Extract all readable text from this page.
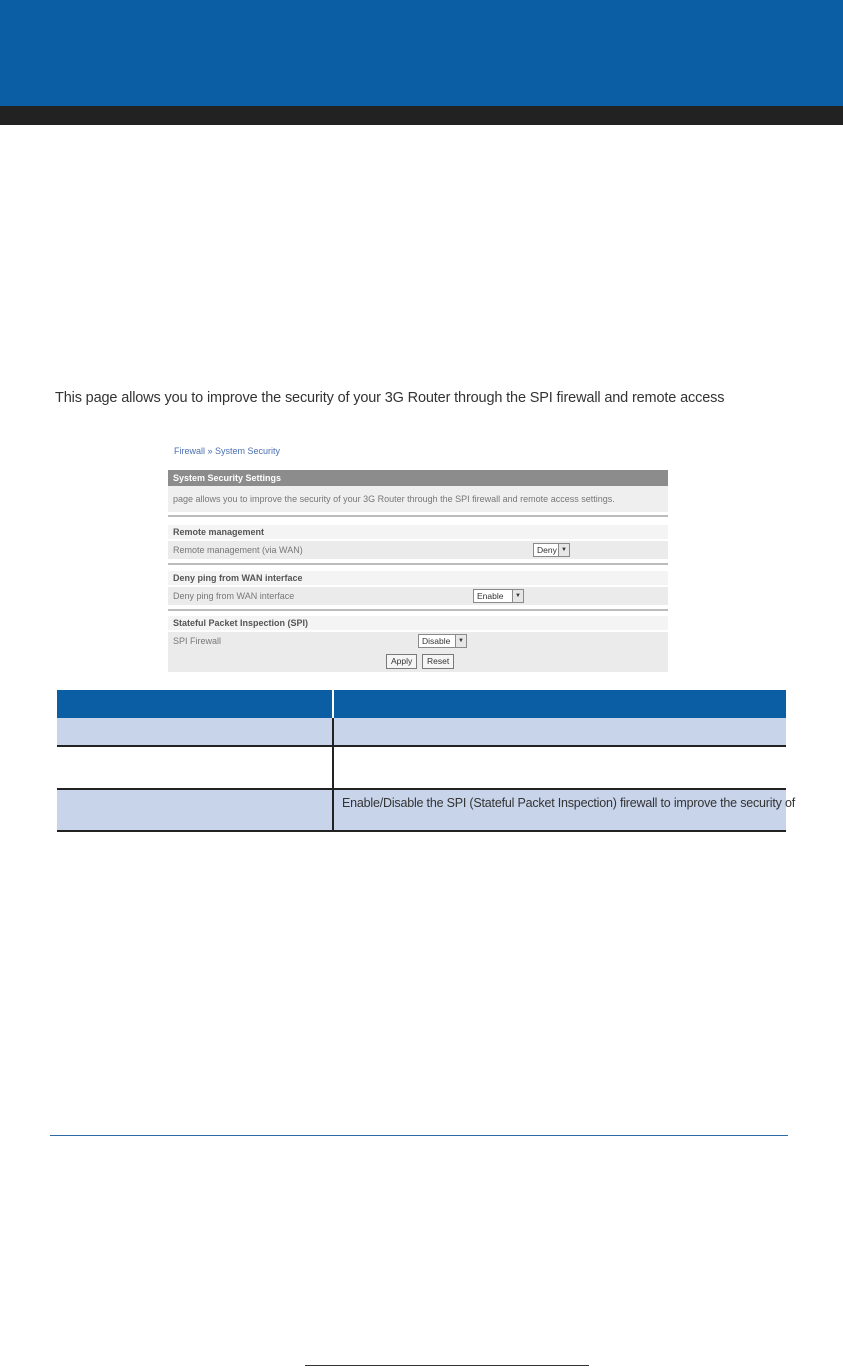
This page allows you to improve the security of your 3G Router through the SPI firewall and remote access
Firewall » System Security
System Security Settings
page allows you to improve the security of your 3G Router through the SPI firewall and remote access settings.
Remote management
Remote management (via WAN)	Deny ▼
Deny ping from WAN interface
Deny ping from WAN interface	Enable	▼
Stateful Packet Inspection (SPI)
SPI Firewall	Disable	▼
Apply	Reset
Enable/Disable the SPI (Stateful Packet Inspection) firewall to improve the security of
